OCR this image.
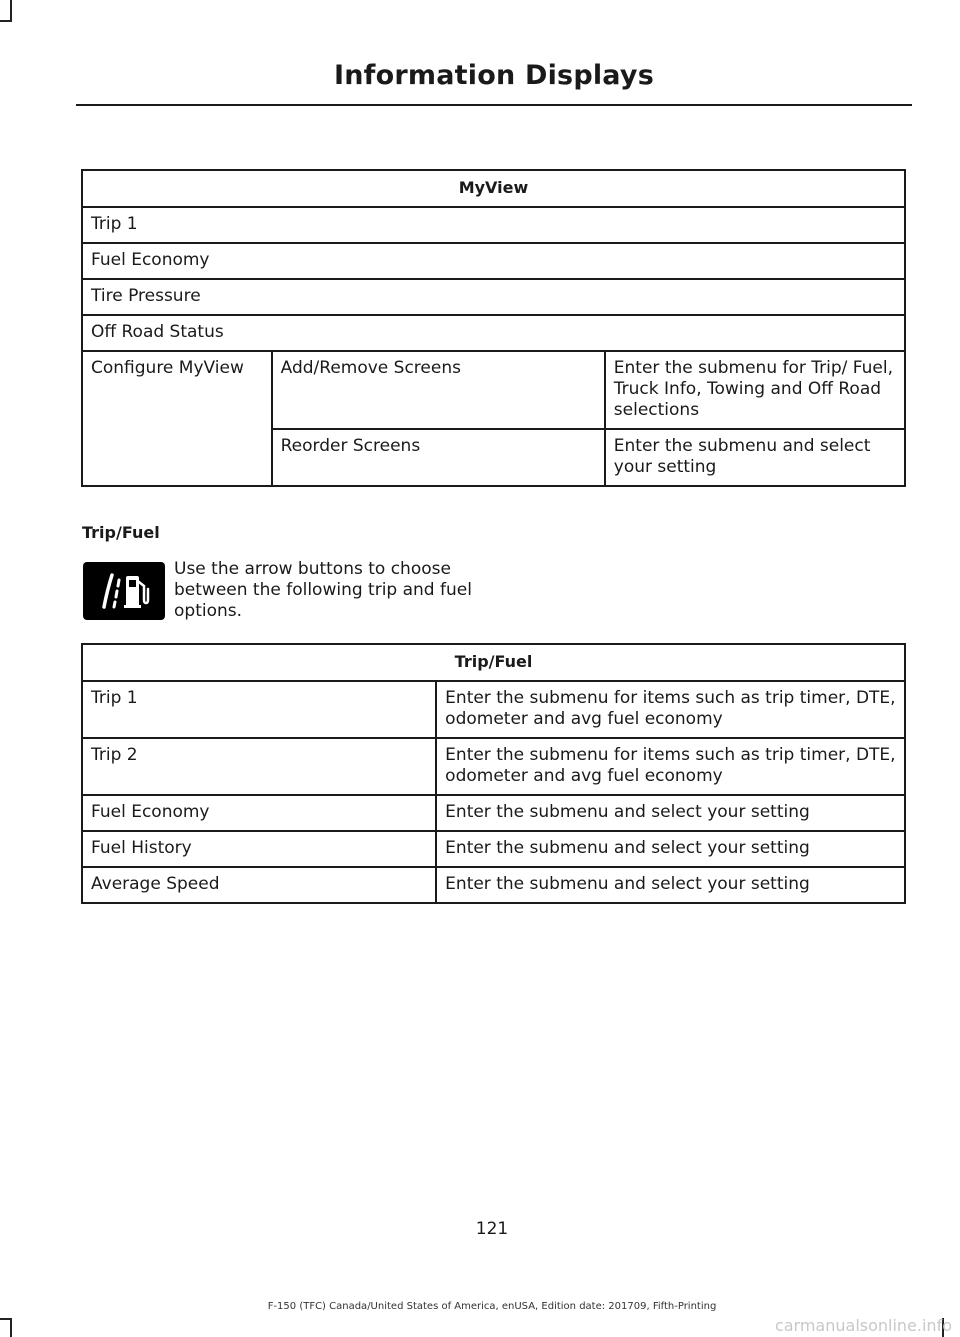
Information Displays
MyView		
Trip 1		
Fuel Economy		
Tire Pressure		
Off Road Status		
Configure MyView	Add/Remove Screens	Enter the submenu for Trip/ Fuel, Truck Info, Towing and Off Road selections
	Reorder Screens	Enter the submenu and select your setting
Trip/Fuel
Use the arrow buttons to choose between the following trip and fuel options.
Trip/Fuel	
Trip 1	Enter the submenu for items such as trip timer, DTE, odometer and avg fuel economy
Trip 2	Enter the submenu for items such as trip timer, DTE, odometer and avg fuel economy
Fuel Economy	Enter the submenu and select your setting
Fuel History	Enter the submenu and select your setting
Average Speed	Enter the submenu and select your setting
121
F-150 (TFC) Canada/United States of America, enUSA, Edition date: 201709, Fifth-Printing
carmanualsonline.info
